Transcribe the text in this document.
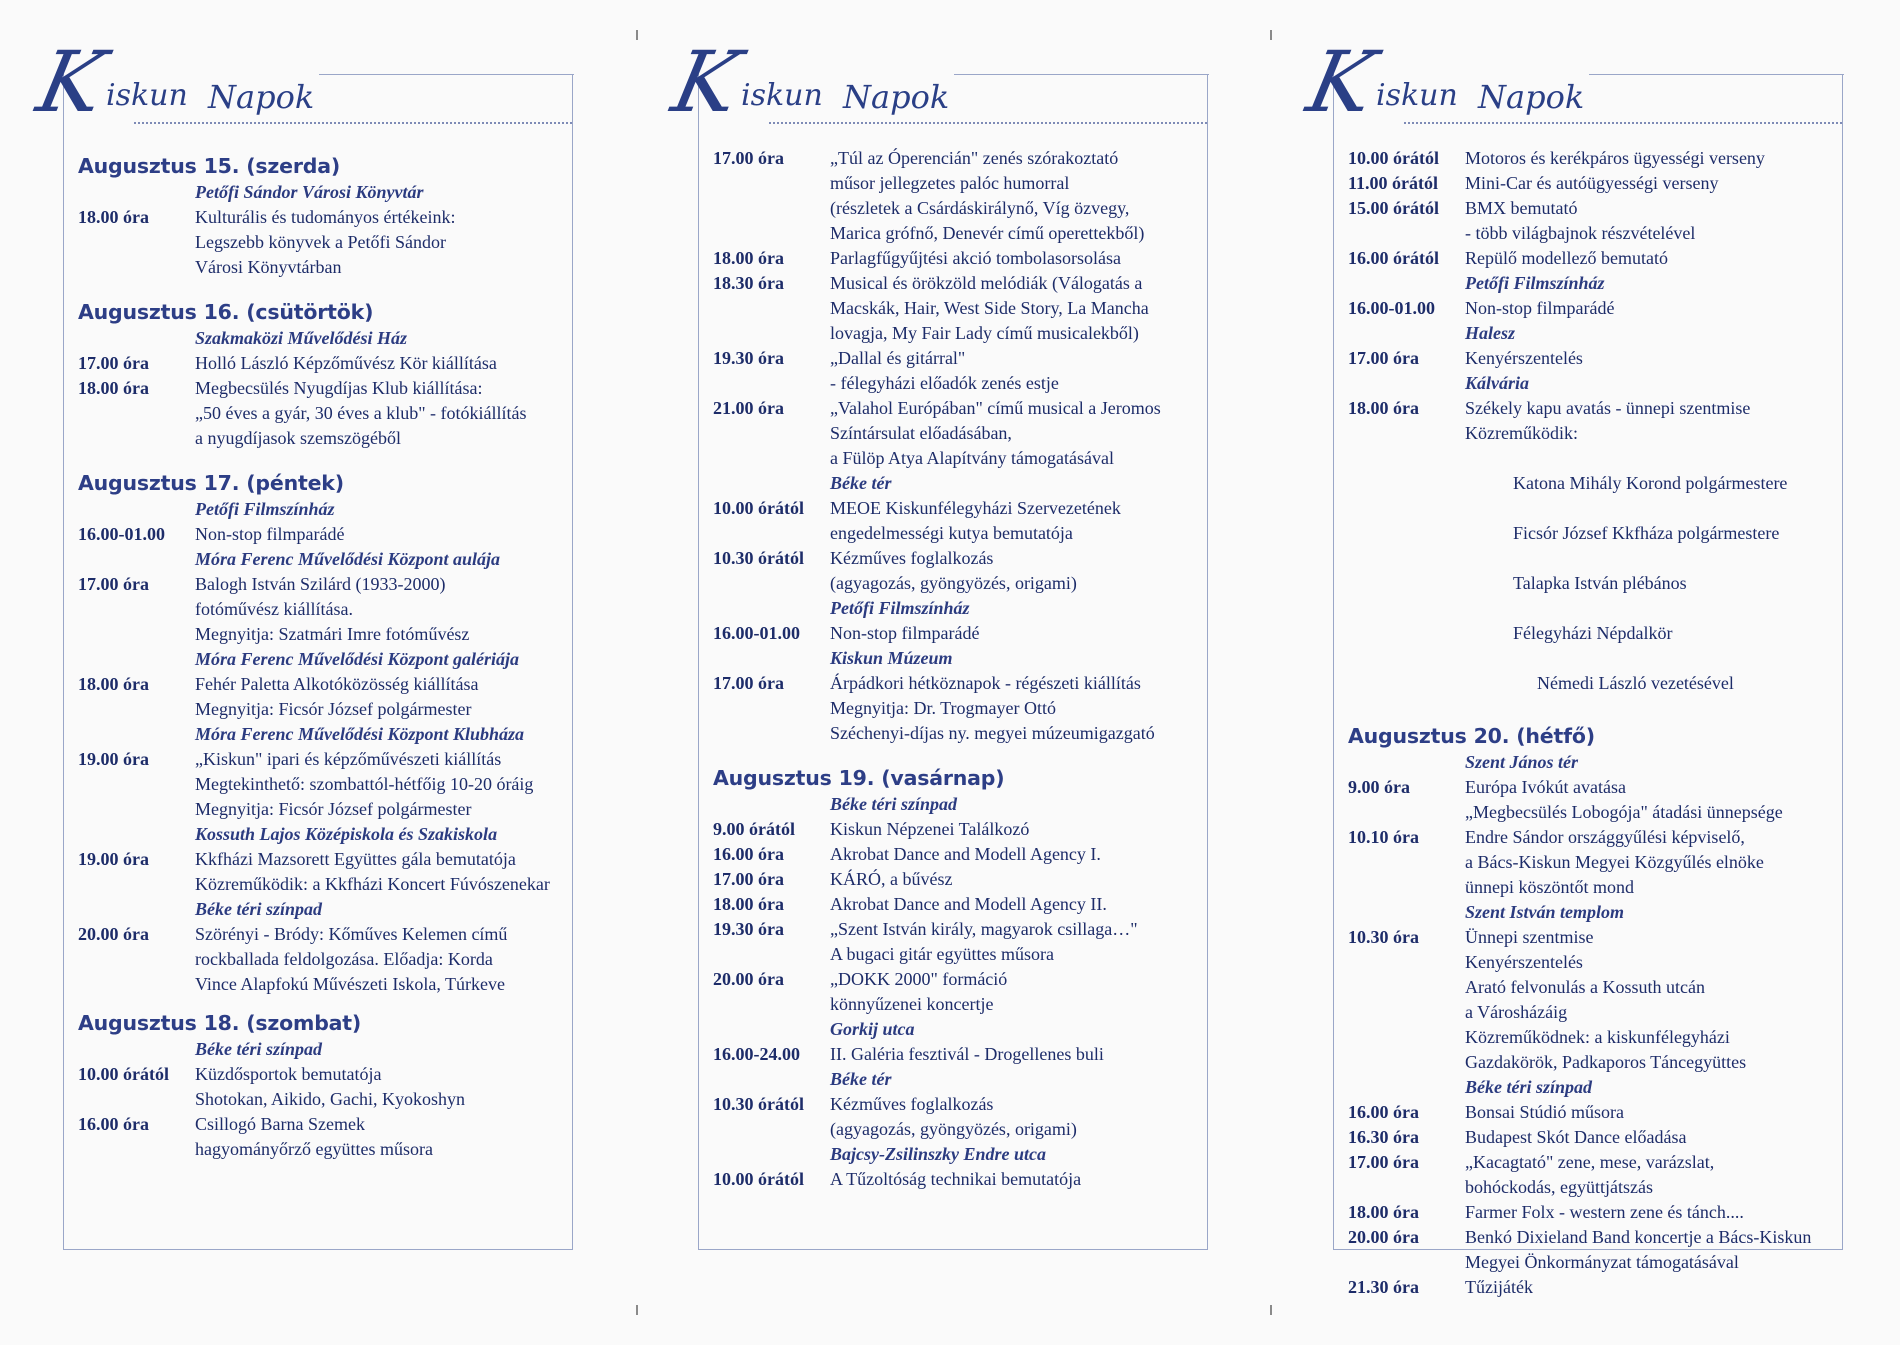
K
iskun Napok
Augusztus 15. (szerda)
Petőfi Sándor Városi Könyvtár
18.00 óra	Kulturális és tudományos értékeink:
Legszebb könyvek a Petőfi Sándor
Városi Könyvtárban
Augusztus 16. (csütörtök)
Szakmaközi Művelődési Ház
17.00 óra	Holló László Képzőművész Kör kiállítása
18.00 óra	Megbecsülés Nyugdíjas Klub kiállítása:
„50 éves a gyár, 30 éves a klub" - fotókiállítás
a nyugdíjasok szemszögéből
Augusztus 17. (péntek)
Petőfi Filmszínház
16.00-01.00	Non-stop filmparádé
Móra Ferenc Művelődési Központ aulája
17.00 óra	Balogh István Szilárd (1933-2000)
fotóművész kiállítása.
Megnyitja: Szatmári Imre fotóművész
Móra Ferenc Művelődési Központ galériája
18.00 óra	Fehér Paletta Alkotóközösség kiállítása
Megnyitja: Ficsór József polgármester
Móra Ferenc Művelődési Központ Klubháza
19.00 óra	„Kiskun" ipari és képzőművészeti kiállítás
Megtekinthető: szombattól-hétfőig 10-20 óráig
Megnyitja: Ficsór József polgármester
Kossuth Lajos Középiskola és Szakiskola
19.00 óra	Kkfházi Mazsorett Együttes gála bemutatója
Közreműködik: a Kkfházi Koncert Fúvószenekar
Béke téri színpad
20.00 óra	Szörényi - Bródy: Kőműves Kelemen című
rockballada feldolgozása. Előadja: Korda
Vince Alapfokú Művészeti Iskola, Túrkeve
Augusztus 18. (szombat)
Béke téri színpad
10.00 órától	Küzdősportok bemutatója
Shotokan, Aikido, Gachi, Kyokoshyn
16.00 óra	Csillogó Barna Szemek
hagyományőrző együttes műsora
K
iskun Napok
17.00 óra	„Túl az Óperencián" zenés szórakoztató
műsor jellegzetes palóc humorral
(részletek a Csárdáskirálynő, Víg özvegy,
Marica grófnő, Denevér című operettekből)
18.00 óra	Parlagfűgyűjtési akció tombolasorsolása
18.30 óra	Musical és örökzöld melódiák (Válogatás a
Macskák, Hair, West Side Story, La Mancha
lovagja, My Fair Lady című musicalekből)
19.30 óra	„Dallal és gitárral"
- félegyházi előadók zenés estje
21.00 óra	„Valahol Európában" című musical a Jeromos
Színtársulat előadásában,
a Fülöp Atya Alapítvány támogatásával
Béke tér
10.00 órától	MEOE Kiskunfélegyházi Szervezetének
engedelmességi kutya bemutatója
10.30 órától	Kézműves foglalkozás
(agyagozás, gyöngyözés, origami)
Petőfi Filmszínház
16.00-01.00	Non-stop filmparádé
Kiskun Múzeum
17.00 óra	Árpádkori hétköznapok - régészeti kiállítás
Megnyitja: Dr. Trogmayer Ottó
Széchenyi-díjas ny. megyei múzeumigazgató
Augusztus 19. (vasárnap)
Béke téri színpad
9.00 órától	Kiskun Népzenei Találkozó
16.00 óra	Akrobat Dance and Modell Agency I.
17.00 óra	KÁRÓ, a bűvész
18.00 óra	Akrobat Dance and Modell Agency II.
19.30 óra	„Szent István király, magyarok csillaga…"
A bugaci gitár együttes műsora
20.00 óra	„DOKK 2000" formáció
könnyűzenei koncertje
Gorkij utca
16.00-24.00	II. Galéria fesztivál - Drogellenes buli
Béke tér
10.30 órától	Kézműves foglalkozás
(agyagozás, gyöngyözés, origami)
Bajcsy-Zsilinszky Endre utca
10.00 órától	A Tűzoltóság technikai bemutatója
K
iskun Napok
10.00 órától	Motoros és kerékpáros ügyességi verseny
11.00 órától	Mini-Car és autóügyességi verseny
15.00 órától	BMX bemutató
- több világbajnok részvételével
16.00 órától	Repülő modellező bemutató
Petőfi Filmszínház
16.00-01.00	Non-stop filmparádé
Halesz
17.00 óra	Kenyérszentelés
Kálvária
18.00 óra	Székely kapu avatás - ünnepi szentmise
Közreműködik:

Katona Mihály Korond polgármestere

Ficsór József Kkfháza polgármestere

Talapka István plébános

Félegyházi Népdalkör

Némedi László vezetésével

Augusztus 20. (hétfő)
Szent János tér
9.00 óra	Európa Ivókút avatása
„Megbecsülés Lobogója" átadási ünnepsége
10.10 óra	Endre Sándor országgyűlési képviselő,
a Bács-Kiskun Megyei Közgyűlés elnöke
ünnepi köszöntőt mond
Szent István templom
10.30 óra	Ünnepi szentmise
Kenyérszentelés
Arató felvonulás a Kossuth utcán
a Városházáig
Közreműködnek: a kiskunfélegyházi
Gazdakörök, Padkaporos Táncegyüttes
Béke téri színpad
16.00 óra	Bonsai Stúdió műsora
16.30 óra	Budapest Skót Dance előadása
17.00 óra	„Kacagtató" zene, mese, varázslat,
bohóckodás, együttjátszás
18.00 óra	Farmer Folx - western zene és tánch....
20.00 óra	Benkó Dixieland Band koncertje a Bács-Kiskun
Megyei Önkormányzat támogatásával
21.30 óra	Tűzijáték
